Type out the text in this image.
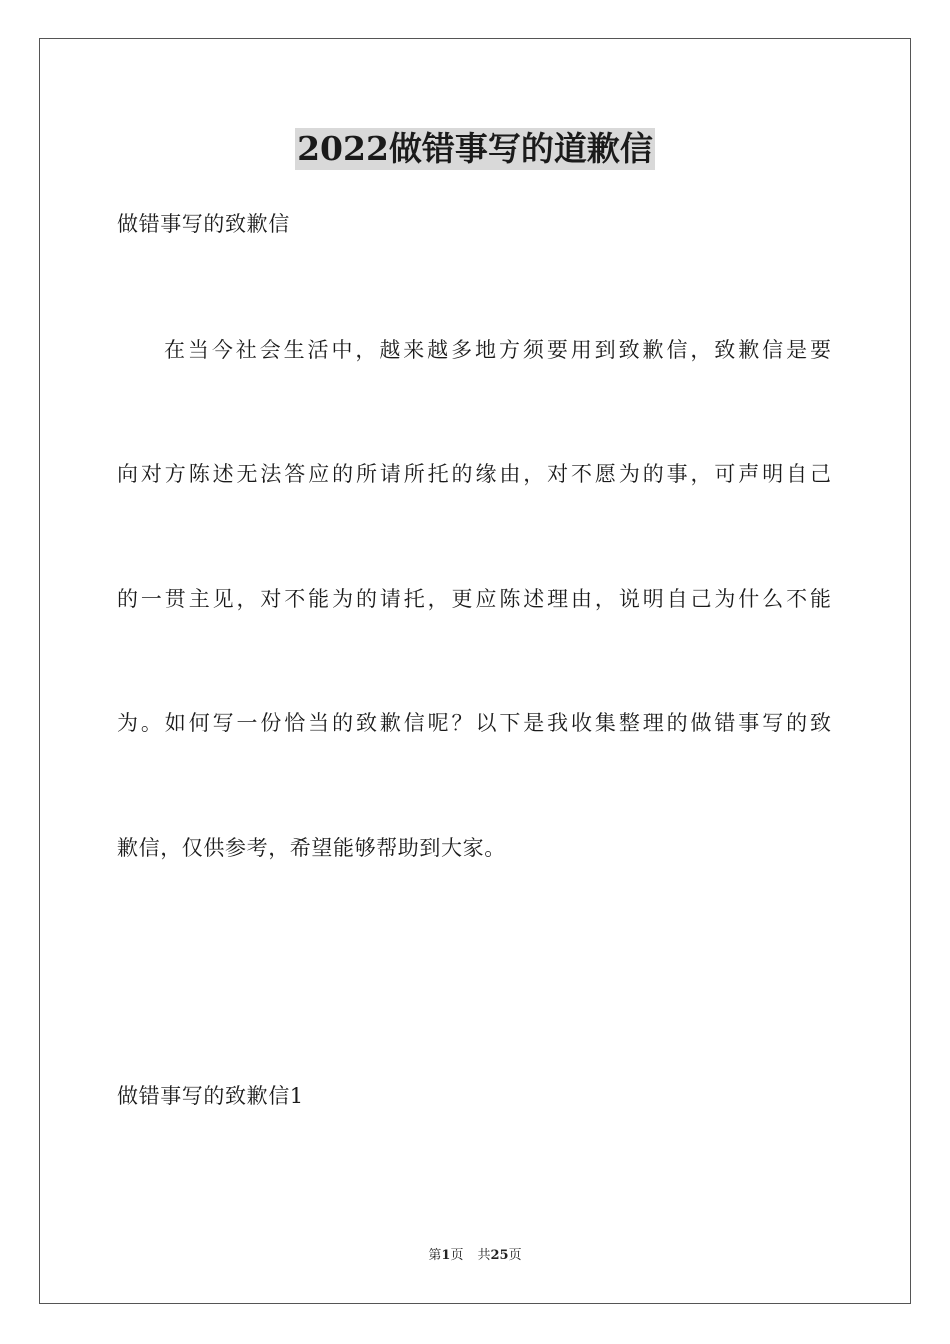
2022做错事写的道歉信
做错事写的致歉信
在当今社会生活中，越来越多地方须要用到致歉信，致歉信是要
向对方陈述无法答应的所请所托的缘由，对不愿为的事，可声明自己
的一贯主见，对不能为的请托，更应陈述理由，说明自己为什么不能
为。如何写一份恰当的致歉信呢？以下是我收集整理的做错事写的致
歉信，仅供参考，希望能够帮助到大家。
做错事写的致歉信1
第1页 共25页
